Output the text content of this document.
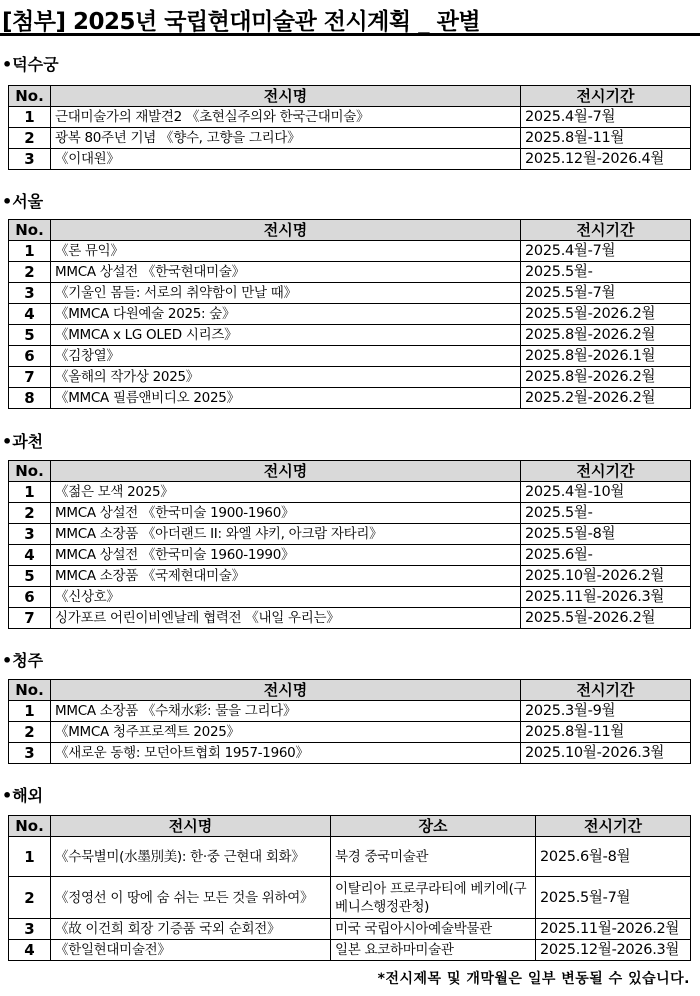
[첨부] 2025년 국립현대미술관 전시계획 _ 관별
•덕수궁
No.	전시명	전시기간
1	근대미술가의 재발견2 《초현실주의와 한국근대미술》	2025.4월-7월
2	광복 80주년 기념 《향수, 고향을 그리다》	2025.8월-11월
3	《이대원》	2025.12월-2026.4월
•서울
No.	전시명	전시기간
1	《론 뮤익》	2025.4월-7월
2	MMCA 상설전 《한국현대미술》	2025.5월-
3	《기울인 몸들: 서로의 취약함이 만날 때》	2025.5월-7월
4	《MMCA 다원예술 2025: 숲》	2025.5월-2026.2월
5	《MMCA x LG OLED 시리즈》	2025.8월-2026.2월
6	《김창열》	2025.8월-2026.1월
7	《올해의 작가상 2025》	2025.8월-2026.2월
8	《MMCA 필름앤비디오 2025》	2025.2월-2026.2월
•과천
No.	전시명	전시기간
1	《젊은 모색 2025》	2025.4월-10월
2	MMCA 상설전 《한국미술 1900-1960》	2025.5월-
3	MMCA 소장품 《아더랜드 II: 와엘 샤키, 아크람 자타리》	2025.5월-8월
4	MMCA 상설전 《한국미술 1960-1990》	2025.6월-
5	MMCA 소장품 《국제현대미술》	2025.10월-2026.2월
6	《신상호》	2025.11월-2026.3월
7	싱가포르 어린이비엔날레 협력전 《내일 우리는》	2025.5월-2026.2월
•청주
No.	전시명	전시기간
1	MMCA 소장품 《수채水彩: 물을 그리다》	2025.3월-9월
2	《MMCA 청주프로젝트 2025》	2025.8월-11월
3	《새로운 동행: 모던아트협회 1957-1960》	2025.10월-2026.3월
•해외
No.	전시명	장소	전시기간
1	《수묵별미(水墨別美): 한·중 근현대 회화》	북경 중국미술관	2025.6월-8월
2	《정영선 이 땅에 숨 쉬는 모든 것을 위하여》	이탈리아 프로쿠라티에 베키에(구 베니스행정관청)	2025.5월-7월
3	《故 이건희 회장 기증품 국외 순회전》	미국 국립아시아예술박물관	2025.11월-2026.2월
4	《한일현대미술전》	일본 요코하마미술관	2025.12월-2026.3월
*전시제목 및 개막월은 일부 변동될 수 있습니다.
